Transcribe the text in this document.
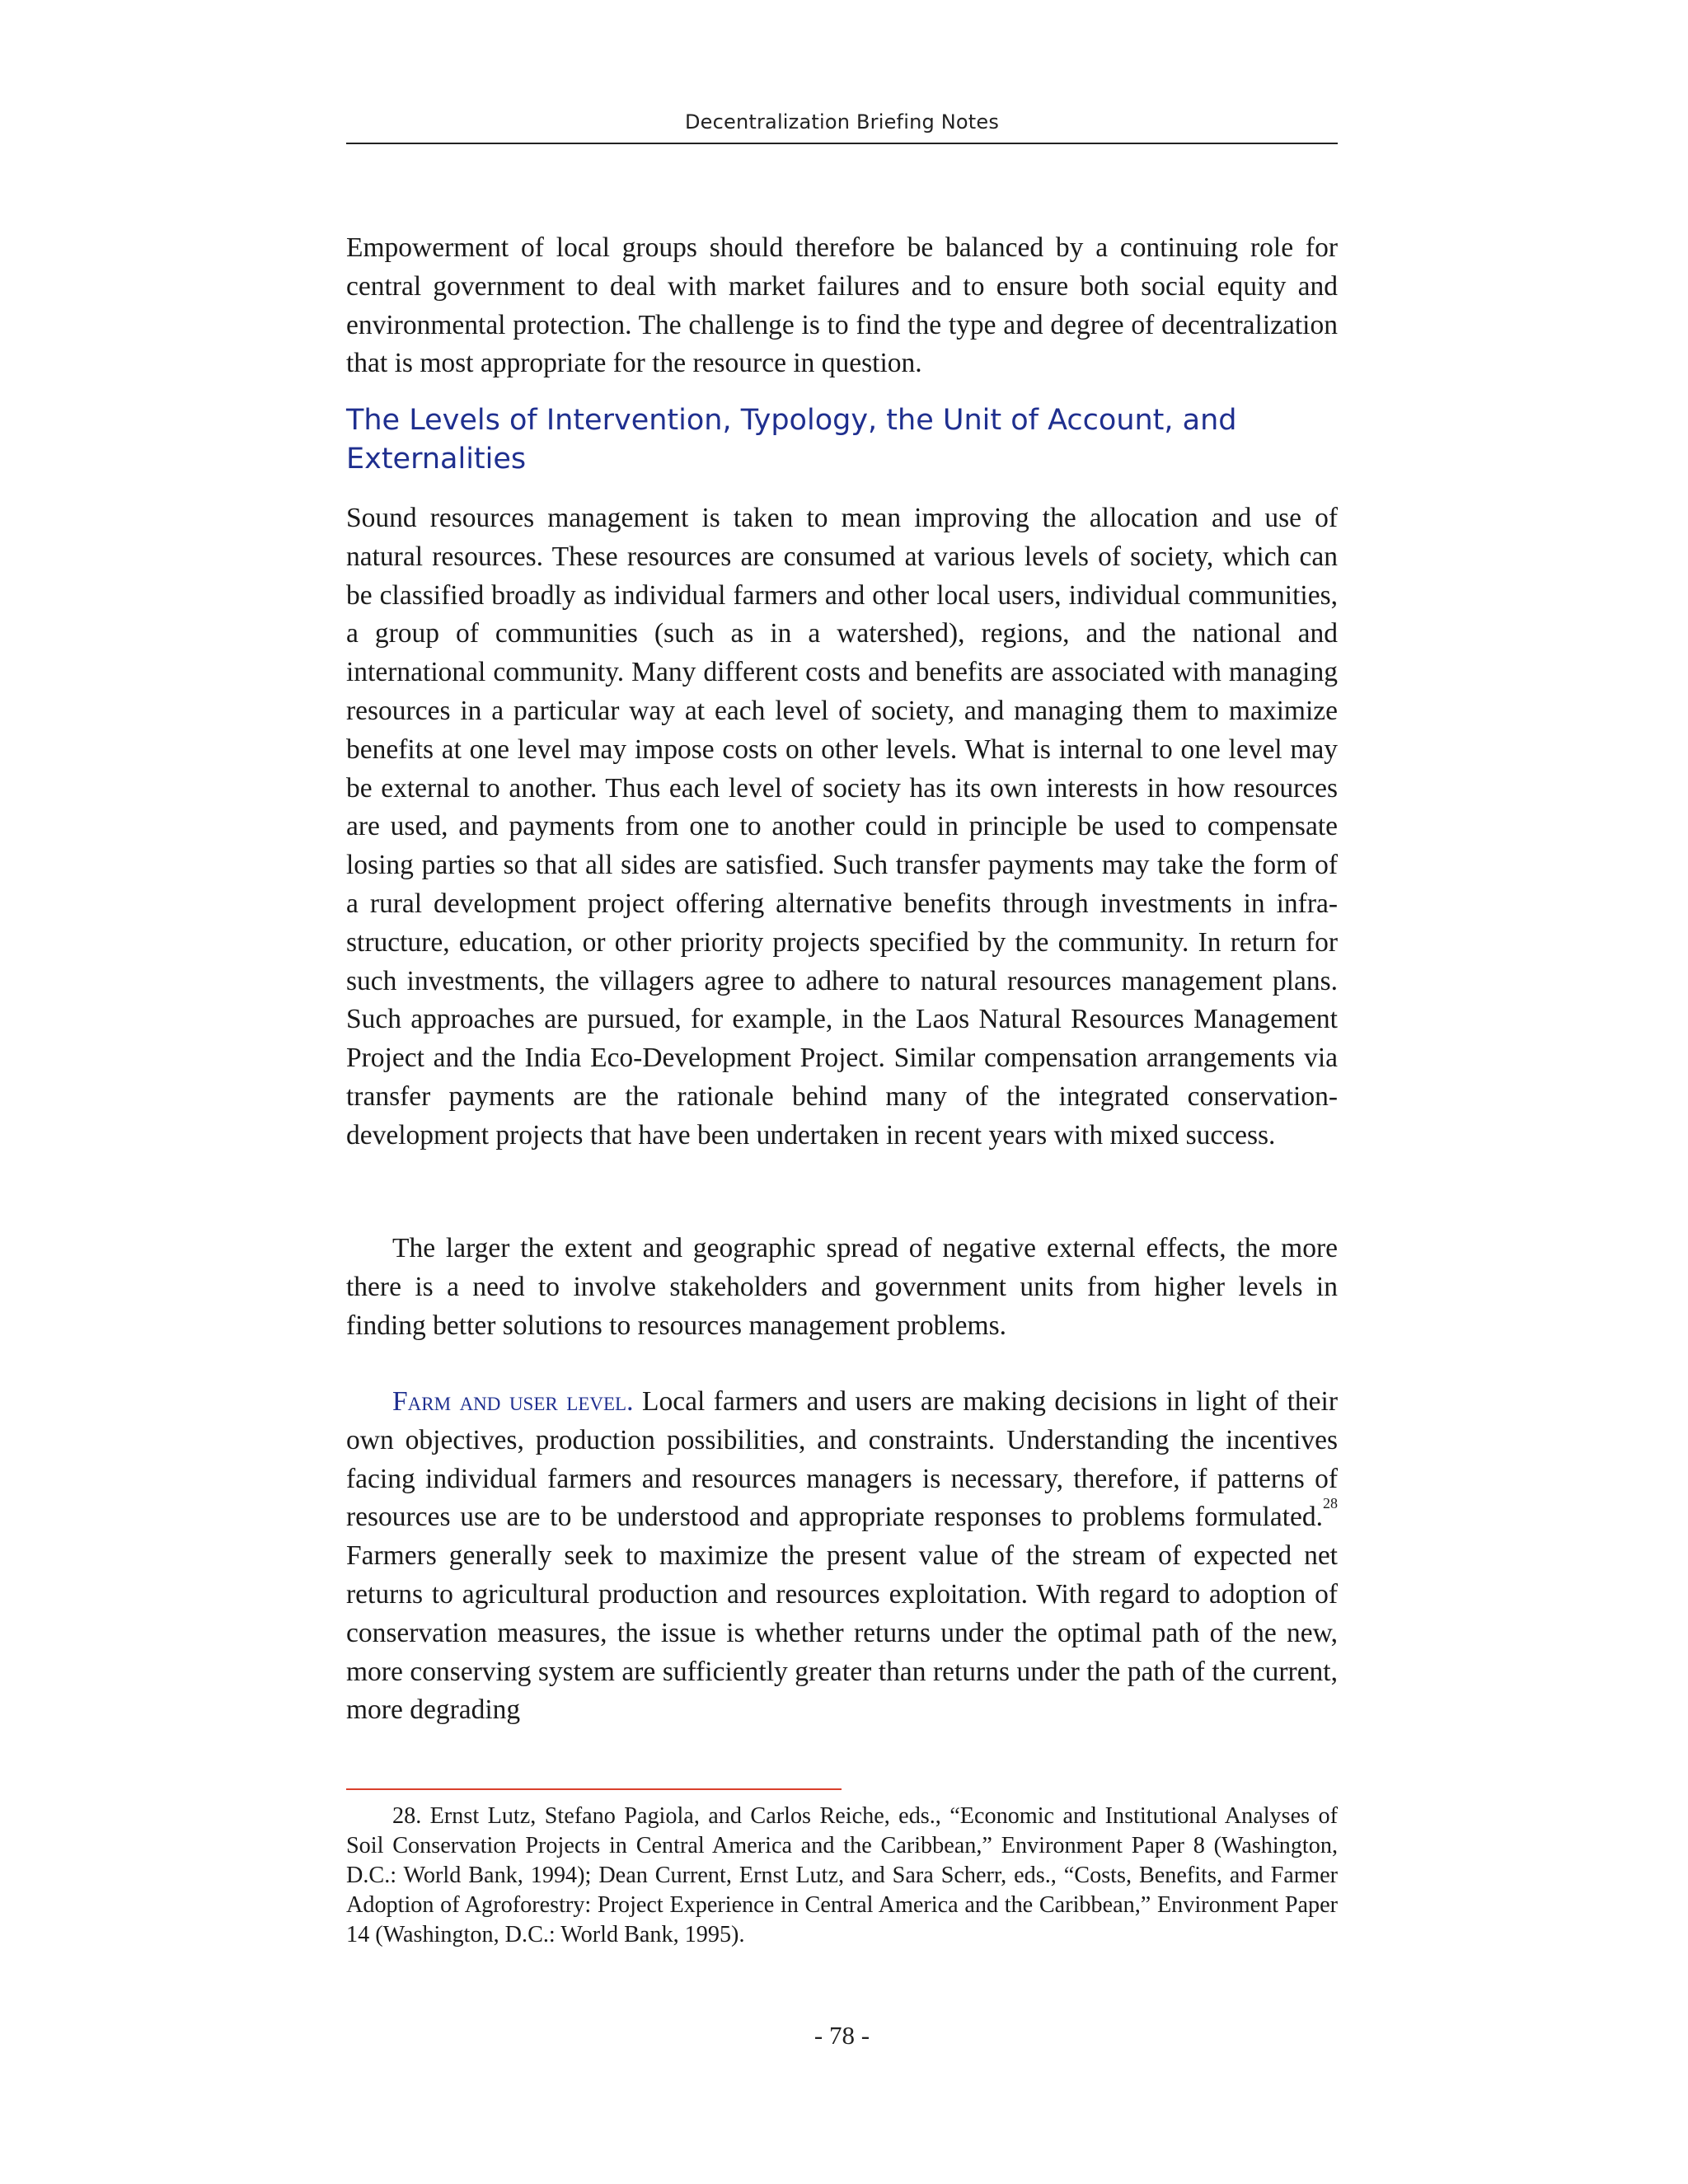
Decentralization Briefing Notes

Empowerment of local groups should therefore be balanced by a continuing role for central government to deal with market failures and to ensure both social equity and environmental protection. The challenge is to find the type and degree of decentralization that is most appropriate for the resource in question.

The Levels of Intervention, Typology, the Unit of Account, and Externalities

Sound resources management is taken to mean improving the allocation and use of natural resources. These resources are consumed at various levels of society, which can be classified broadly as individual farmers and other local users, individual communities, a group of communities (such as in a watershed), regions, and the national and international community. Many different costs and benefits are associated with managing resources in a particular way at each level of society, and managing them to maximize benefits at one level may impose costs on other levels. What is internal to one level may be external to another. Thus each level of society has its own interests in how resources are used, and payments from one to another could in principle be used to compensate losing parties so that all sides are satisfied. Such transfer payments may take the form of a rural development project offering alternative benefits through investments in infrastructure, education, or other priority projects specified by the community. In return for such investments, the villagers agree to adhere to natural resources management plans. Such approaches are pursued, for example, in the Laos Natural Resources Management Project and the India Eco-Development Project. Similar compensation arrangements via transfer payments are the rationale behind many of the integrated conservation-development projects that have been undertaken in recent years with mixed success.

The larger the extent and geographic spread of negative external effects, the more there is a need to involve stakeholders and government units from higher levels in finding better solutions to resources management problems.

Farm and user level. Local farmers and users are making decisions in light of their own objectives, production possibilities, and constraints. Understanding the incentives facing individual farmers and resources managers is necessary, therefore, if patterns of resources use are to be understood and appropriate responses to problems formulated.$^{28}$ Farmers generally seek to maximize the present value of the stream of expected net returns to agricultural production and resources exploitation. With regard to adoption of conservation measures, the issue is whether returns under the optimal path of the new, more conserving system are sufficiently greater than returns under the path of the current, more degrading

28. Ernst Lutz, Stefano Pagiola, and Carlos Reiche, eds., “Economic and Institutional Analyses of Soil Conservation Projects in Central America and the Caribbean,” Environment Paper 8 (Washington, D.C.: World Bank, 1994); Dean Current, Ernst Lutz, and Sara Scherr, eds., “Costs, Benefits, and Farmer Adoption of Agroforestry: Project Experience in Central America and the Caribbean,” Environment Paper 14 (Washington, D.C.: World Bank, 1995).

- 78 -
